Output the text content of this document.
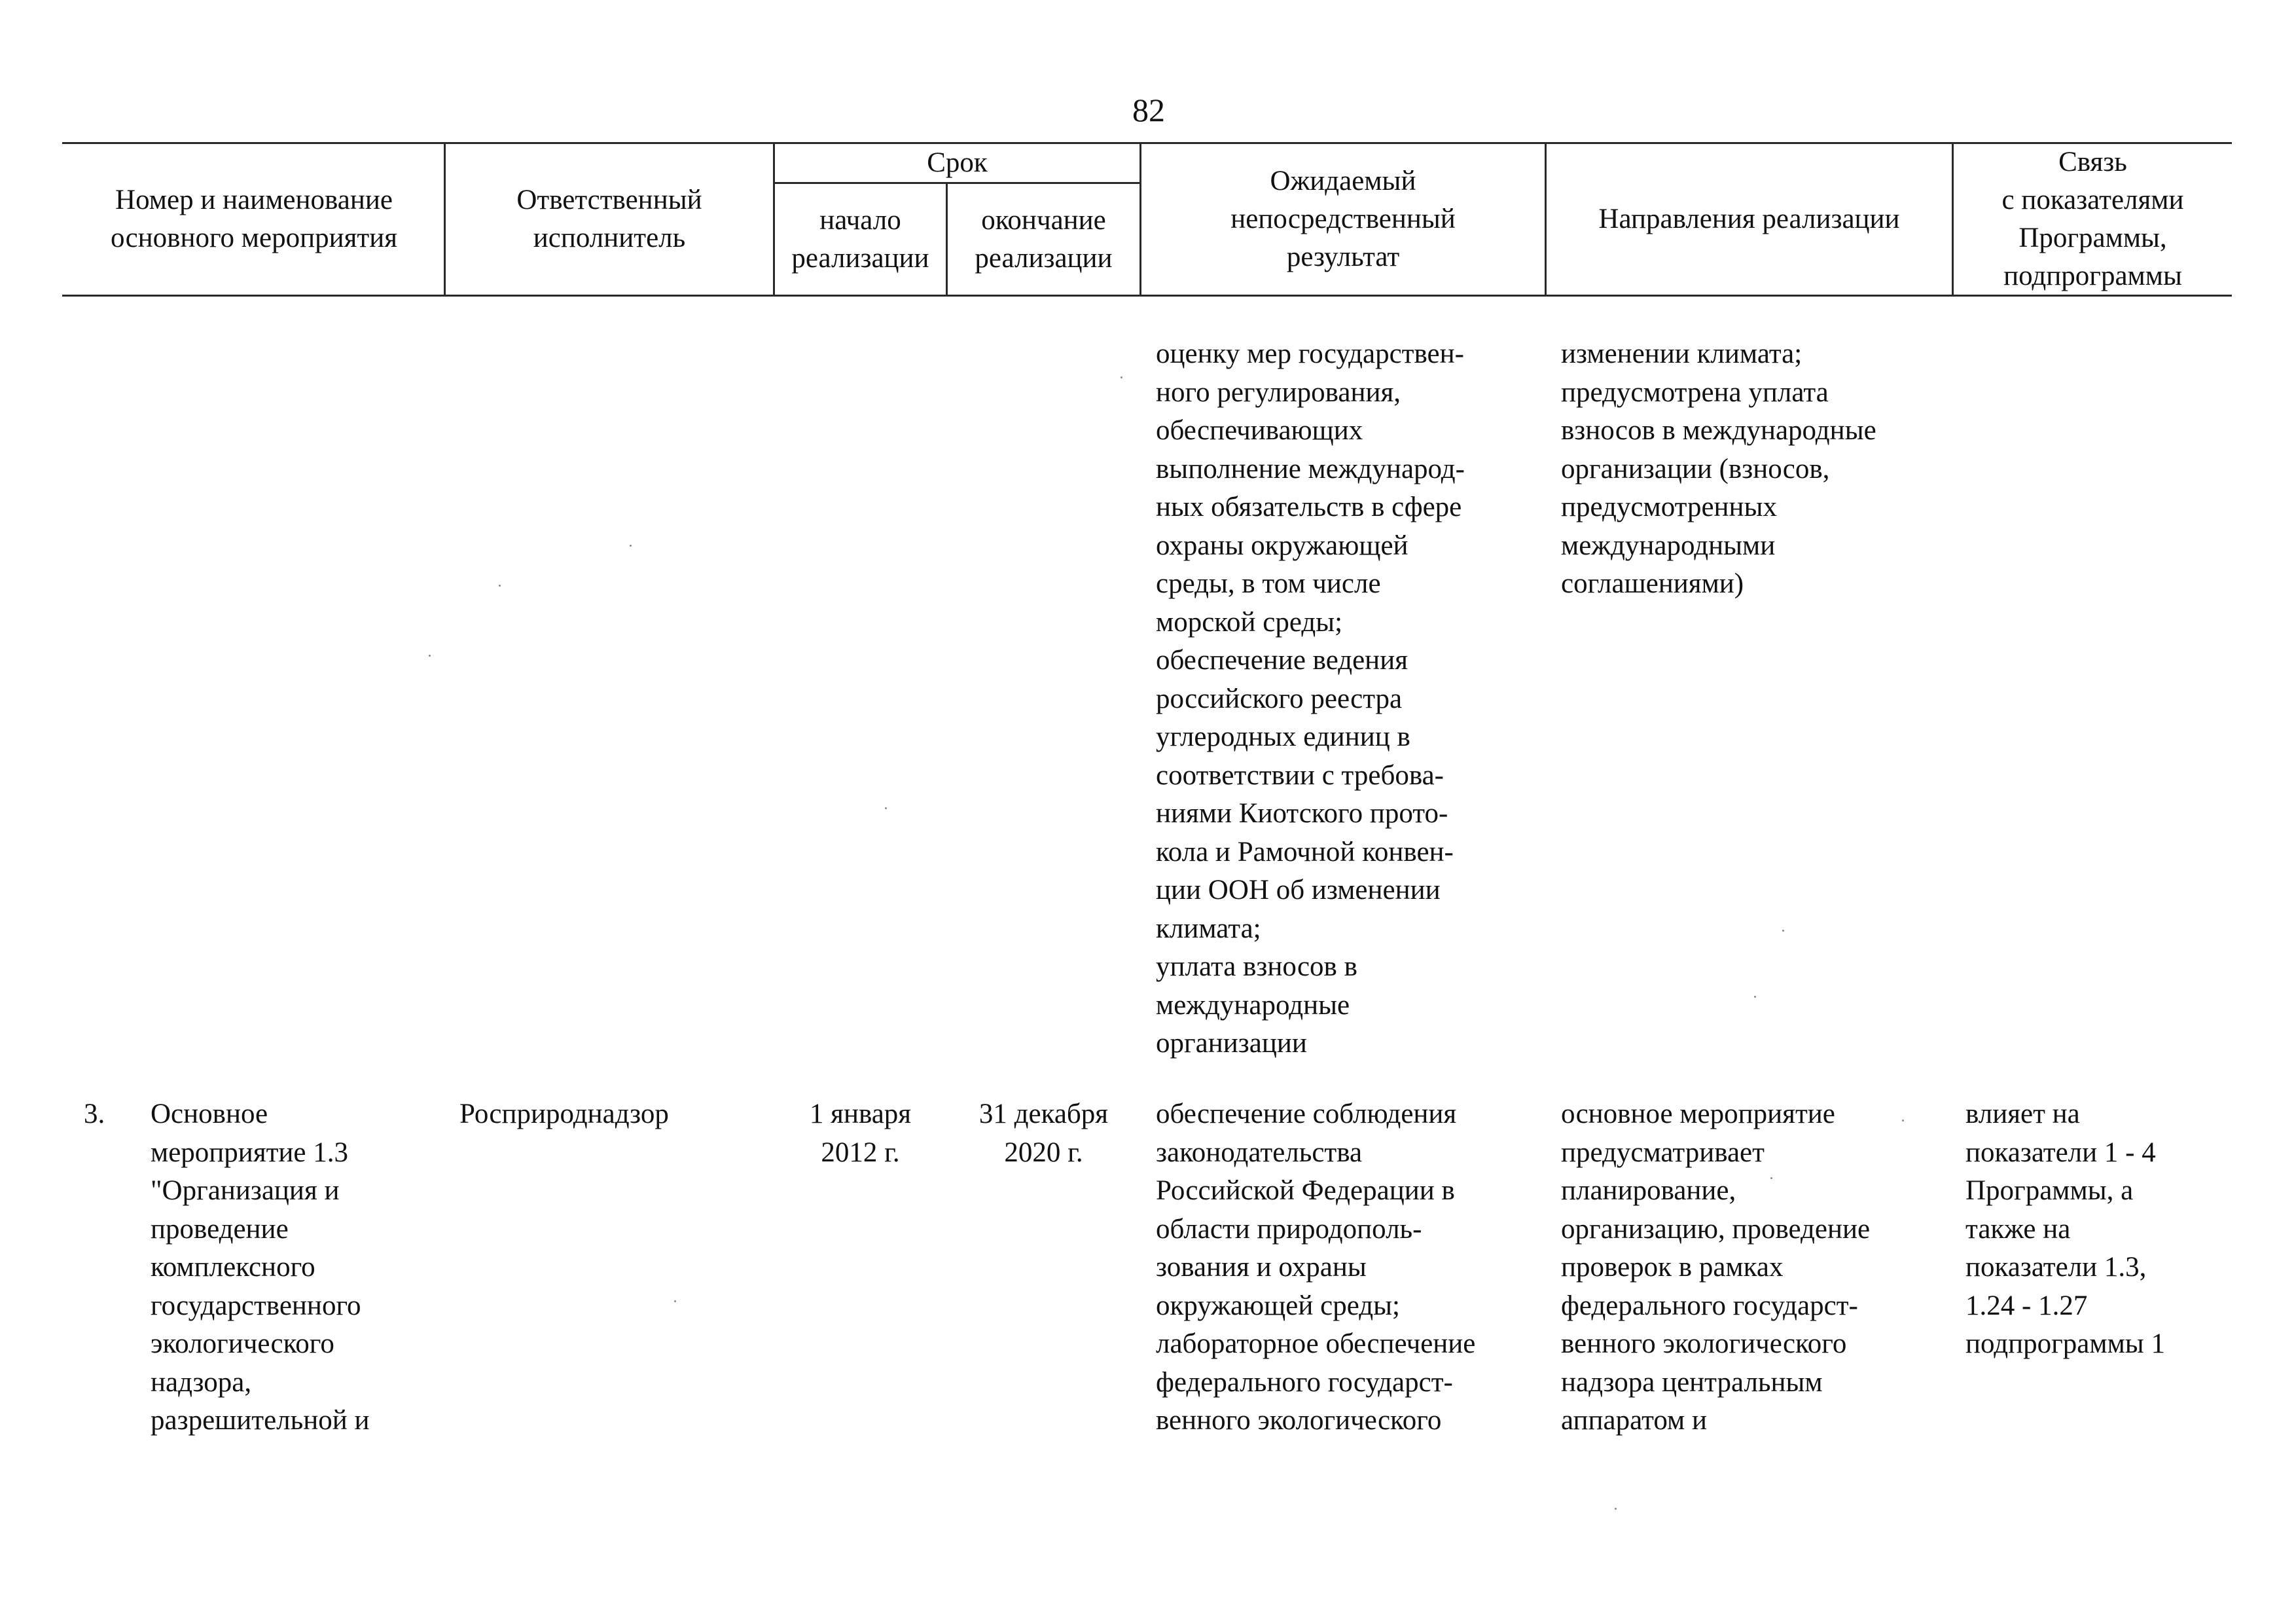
82
Номер и наименование
основного мероприятия
Ответственный
исполнитель
Срок
начало
реализации
окончание
реализации
Ожидаемый
непосредственный
результат
Направления реализации
Связь
с показателями
Программы,
подпрограммы
оценку мер государствен-
ного регулирования,
обеспечивающих
выполнение международ-
ных обязательств в сфере
охраны окружающей
среды, в том числе
морской среды;
обеспечение ведения
российского реестра
углеродных единиц в
соответствии с требова-
ниями Киотского прото-
кола и Рамочной конвен-
ции ООН об изменении
климата;
уплата взносов в
международные
организации
изменении климата;
предусмотрена уплата
взносов в международные
организации (взносов,
предусмотренных
международными
соглашениями)
3.	Основное
мероприятие 1.3
"Организация и
проведение
комплексного
государственного
экологического
надзора,
разрешительной и
Росприроднадзор	1 января
2012 г.
31 декабря
2020 г.
обеспечение соблюдения
законодательства
Российской Федерации в
области природополь-
зования и охраны
окружающей среды;
лабораторное обеспечение
федерального государст-
венного экологического
основное мероприятие
предусматривает
планирование,
организацию, проведение
проверок в рамках
федерального государст-
венного экологического
надзора центральным
аппаратом и
влияет на
показатели 1 - 4
Программы, а
также на
показатели 1.3,
1.24 - 1.27
подпрограммы 1
